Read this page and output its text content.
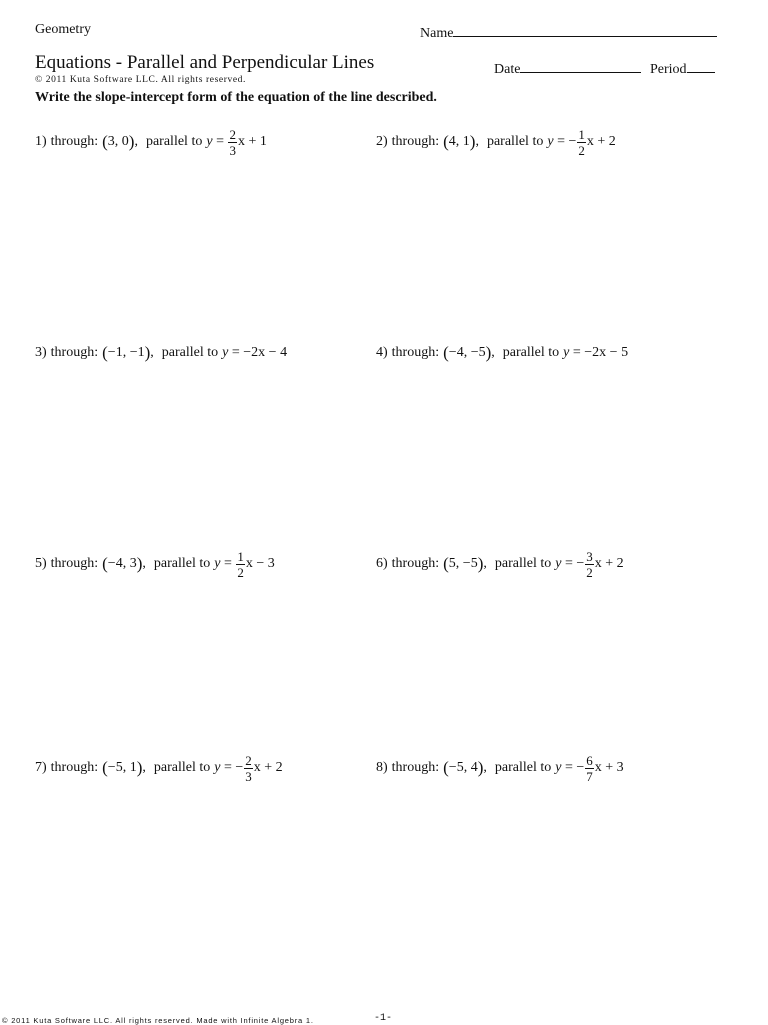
Geometry	Name
Equations - Parallel and Perpendicular Lines	Date	Period
© 2011 Kuta Software LLC. All rights reserved.
Write the slope-intercept form of the equation of the line described.
1) through: ( 3, 0 ) , parallel to $y = \frac{2}{3}$ x + 1	2) through: ( 4, 1 ) , parallel to y = − $\frac{1}{2}$ x + 2
3) through: ( −1, −1 ) , parallel to y = −2 x − 4	4) through: ( −4, −5 ) , parallel to y = −2 x − 5
5) through: ( −4, 3 ) , parallel to $y = \frac{1}{2}$ x − 3	6) through: ( 5, −5 ) , parallel to y = − $\frac{3}{2}$ x + 2
7) through: ( −5, 1 ) , parallel to y = − $\frac{2}{3}$ x + 2	8) through: ( −5, 4 ) , parallel to y = − $\frac{6}{7}$ x + 3
© 2011 Kuta Software LLC. All rights reserved. Made with Infinite Algebra 1.	-1-
